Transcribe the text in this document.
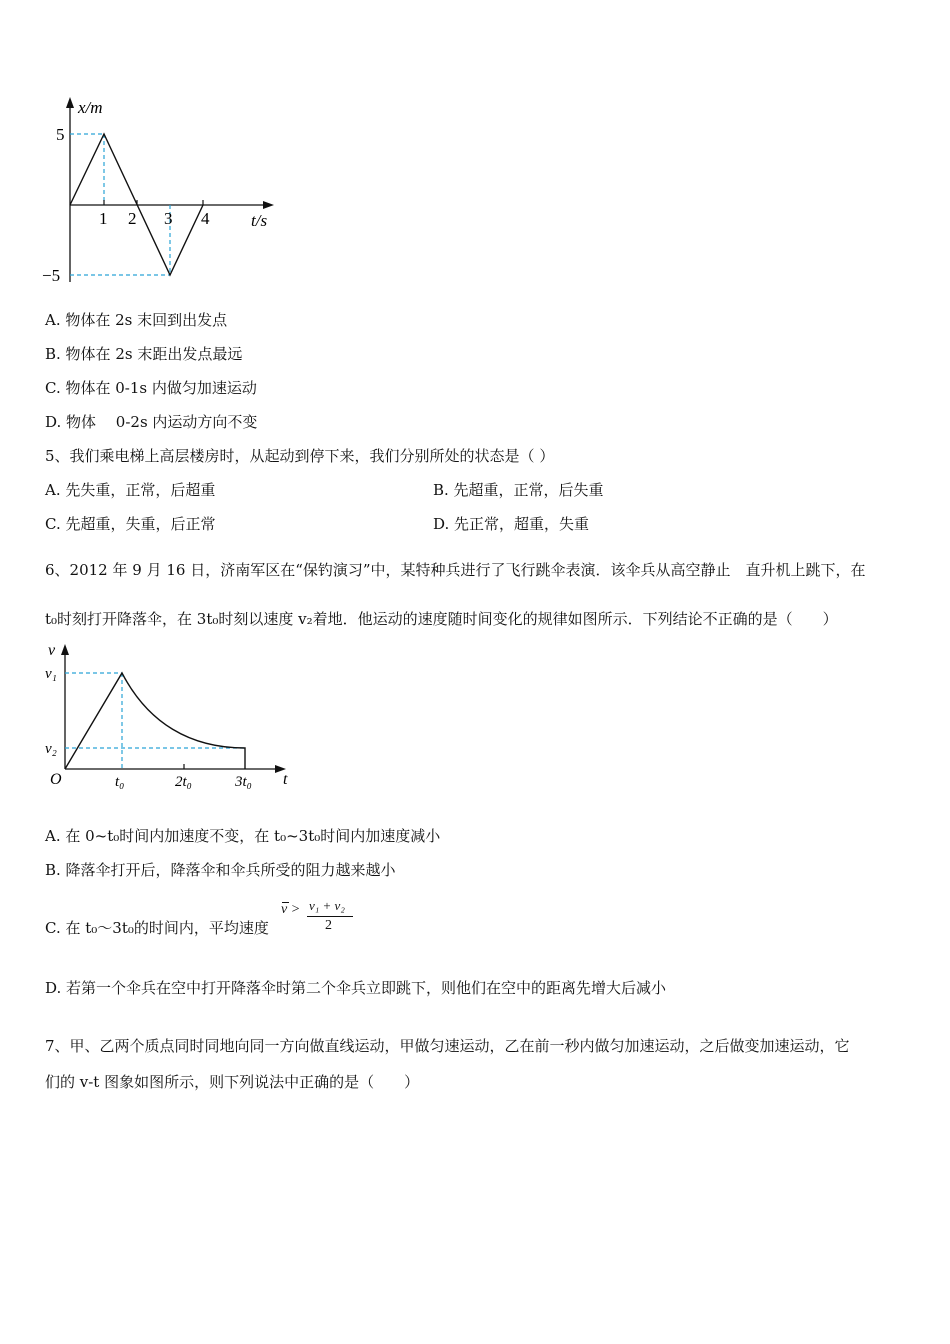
x/m
t/s
5
−5
1 2 3 4
A. 物体在 2s 末回到出发点
B. 物体在 2s 末距出发点最远
C. 物体在 0-1s 内做匀加速运动
D. 物体　 0-2s 内运动方向不变
5、我们乘电梯上高层楼房时，从起动到停下来，我们分别所处的状态是（ ）
A. 先失重，正常，后超重	B. 先超重，正常，后失重
C. 先超重，失重，后正常	D. 先正常，超重，失重
6、2012 年 9 月 16 日，济南军区在“保钓演习”中，某特种兵进行了飞行跳伞表演．该伞兵从高空静止　直升机上跳下，在
t₀时刻打开降落伞，在 3t₀时刻以速度 v₂着地．他运动的速度随时间变化的规律如图所示．下列结论不正确的是（　　）
v
t
O
v₁
v₂
t₀	2t₀	3t₀
A. 在 0~t₀时间内加速度不变，在 t₀~3t₀时间内加速度减小
B. 降落伞打开后，降落伞和伞兵所受的阻力越来越小
C. 在 t₀～3t₀的时间内，平均速度
v > v₁ + v₂
2
D. 若第一个伞兵在空中打开降落伞时第二个伞兵立即跳下，则他们在空中的距离先增大后减小
7、甲、乙两个质点同时同地向同一方向做直线运动，甲做匀速运动，乙在前一秒内做匀加速运动，之后做变加速运动，它
们的 v-t 图象如图所示，则下列说法中正确的是（　　）
